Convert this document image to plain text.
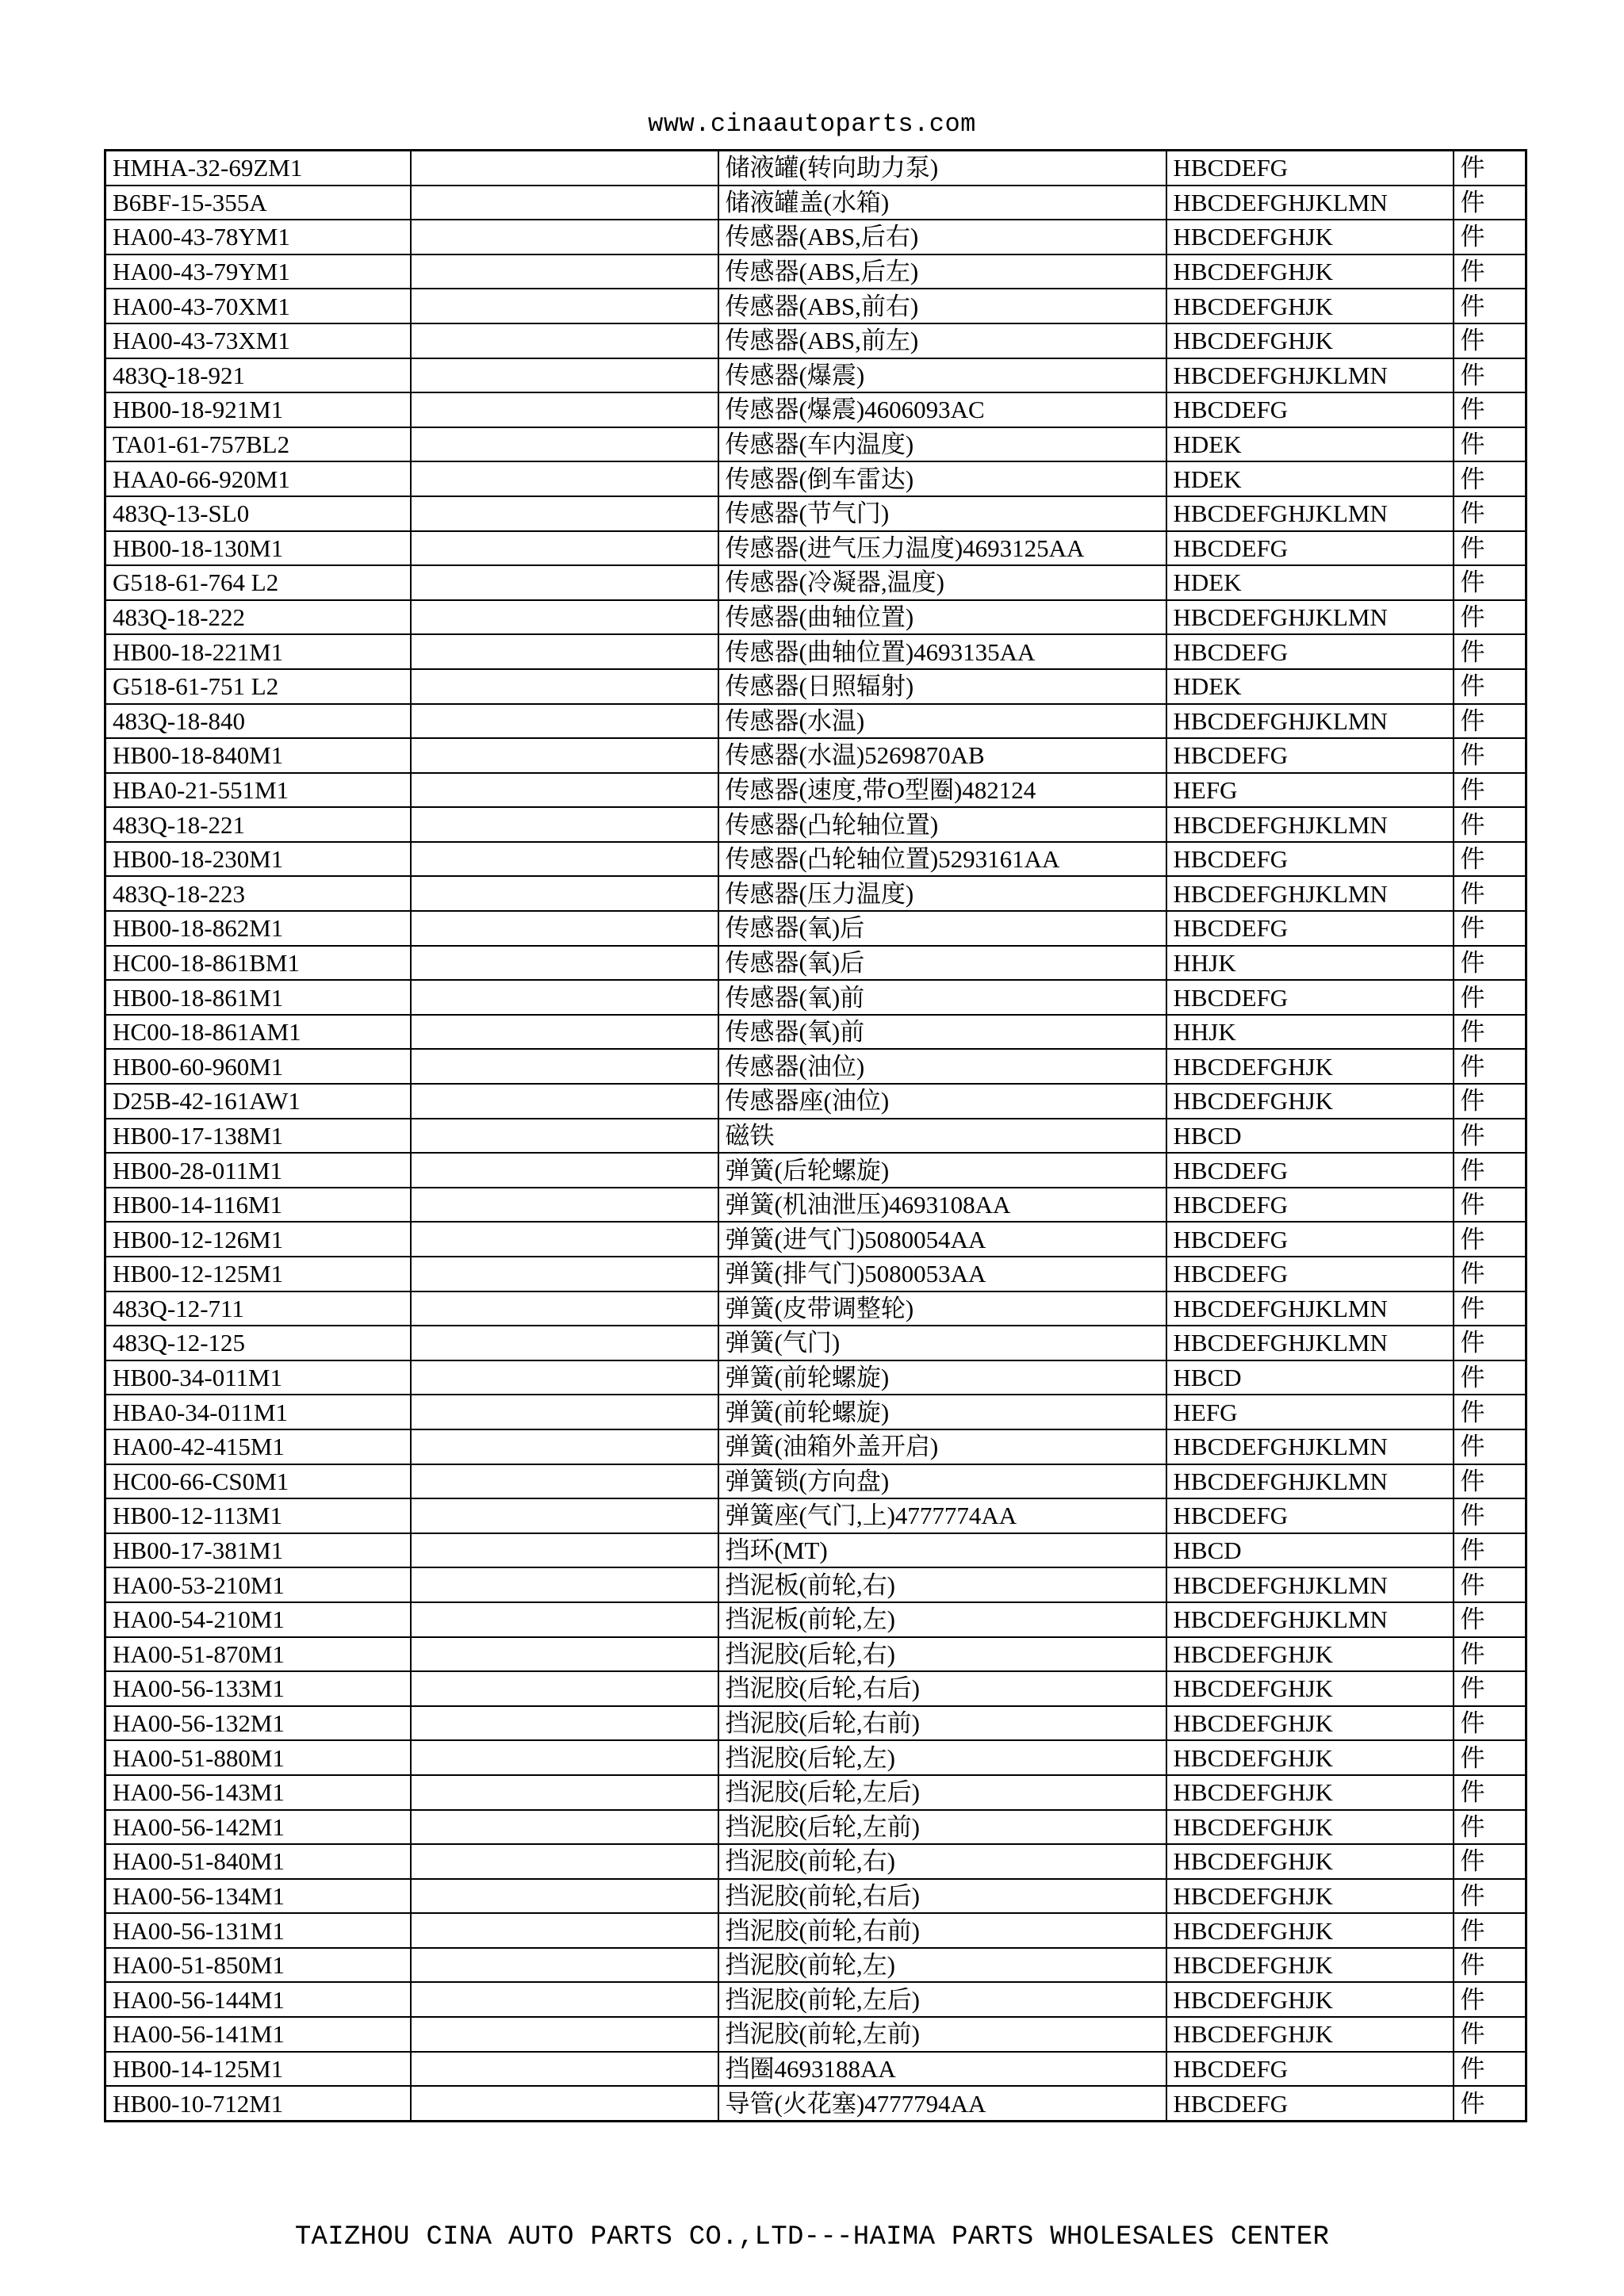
www.cinaautoparts.com
HMHA-32-69ZM1		储液罐(转向助力泵)	HBCDEFG	件
B6BF-15-355A		储液罐盖(水箱)	HBCDEFGHJKLMN	件
HA00-43-78YM1		传感器(ABS,后右)	HBCDEFGHJK	件
HA00-43-79YM1		传感器(ABS,后左)	HBCDEFGHJK	件
HA00-43-70XM1		传感器(ABS,前右)	HBCDEFGHJK	件
HA00-43-73XM1		传感器(ABS,前左)	HBCDEFGHJK	件
483Q-18-921		传感器(爆震)	HBCDEFGHJKLMN	件
HB00-18-921M1		传感器(爆震)4606093AC	HBCDEFG	件
TA01-61-757BL2		传感器(车内温度)	HDEK	件
HAA0-66-920M1		传感器(倒车雷达)	HDEK	件
483Q-13-SL0		传感器(节气门)	HBCDEFGHJKLMN	件
HB00-18-130M1		传感器(进气压力温度)4693125AA	HBCDEFG	件
G518-61-764 L2		传感器(冷凝器,温度)	HDEK	件
483Q-18-222		传感器(曲轴位置)	HBCDEFGHJKLMN	件
HB00-18-221M1		传感器(曲轴位置)4693135AA	HBCDEFG	件
G518-61-751 L2		传感器(日照辐射)	HDEK	件
483Q-18-840		传感器(水温)	HBCDEFGHJKLMN	件
HB00-18-840M1		传感器(水温)5269870AB	HBCDEFG	件
HBA0-21-551M1		传感器(速度,带O型圈)482124	HEFG	件
483Q-18-221		传感器(凸轮轴位置)	HBCDEFGHJKLMN	件
HB00-18-230M1		传感器(凸轮轴位置)5293161AA	HBCDEFG	件
483Q-18-223		传感器(压力温度)	HBCDEFGHJKLMN	件
HB00-18-862M1		传感器(氧)后	HBCDEFG	件
HC00-18-861BM1		传感器(氧)后	HHJK	件
HB00-18-861M1		传感器(氧)前	HBCDEFG	件
HC00-18-861AM1		传感器(氧)前	HHJK	件
HB00-60-960M1		传感器(油位)	HBCDEFGHJK	件
D25B-42-161AW1		传感器座(油位)	HBCDEFGHJK	件
HB00-17-138M1		磁铁	HBCD	件
HB00-28-011M1		弹簧(后轮螺旋)	HBCDEFG	件
HB00-14-116M1		弹簧(机油泄压)4693108AA	HBCDEFG	件
HB00-12-126M1		弹簧(进气门)5080054AA	HBCDEFG	件
HB00-12-125M1		弹簧(排气门)5080053AA	HBCDEFG	件
483Q-12-711		弹簧(皮带调整轮)	HBCDEFGHJKLMN	件
483Q-12-125		弹簧(气门)	HBCDEFGHJKLMN	件
HB00-34-011M1		弹簧(前轮螺旋)	HBCD	件
HBA0-34-011M1		弹簧(前轮螺旋)	HEFG	件
HA00-42-415M1		弹簧(油箱外盖开启)	HBCDEFGHJKLMN	件
HC00-66-CS0M1		弹簧锁(方向盘)	HBCDEFGHJKLMN	件
HB00-12-113M1		弹簧座(气门,上)4777774AA	HBCDEFG	件
HB00-17-381M1		挡环(MT)	HBCD	件
HA00-53-210M1		挡泥板(前轮,右)	HBCDEFGHJKLMN	件
HA00-54-210M1		挡泥板(前轮,左)	HBCDEFGHJKLMN	件
HA00-51-870M1		挡泥胶(后轮,右)	HBCDEFGHJK	件
HA00-56-133M1		挡泥胶(后轮,右后)	HBCDEFGHJK	件
HA00-56-132M1		挡泥胶(后轮,右前)	HBCDEFGHJK	件
HA00-51-880M1		挡泥胶(后轮,左)	HBCDEFGHJK	件
HA00-56-143M1		挡泥胶(后轮,左后)	HBCDEFGHJK	件
HA00-56-142M1		挡泥胶(后轮,左前)	HBCDEFGHJK	件
HA00-51-840M1		挡泥胶(前轮,右)	HBCDEFGHJK	件
HA00-56-134M1		挡泥胶(前轮,右后)	HBCDEFGHJK	件
HA00-56-131M1		挡泥胶(前轮,右前)	HBCDEFGHJK	件
HA00-51-850M1		挡泥胶(前轮,左)	HBCDEFGHJK	件
HA00-56-144M1		挡泥胶(前轮,左后)	HBCDEFGHJK	件
HA00-56-141M1		挡泥胶(前轮,左前)	HBCDEFGHJK	件
HB00-14-125M1		挡圈4693188AA	HBCDEFG	件
HB00-10-712M1		导管(火花塞)4777794AA	HBCDEFG	件
TAIZHOU CINA AUTO PARTS CO.,LTD---HAIMA PARTS WHOLESALES CENTER
